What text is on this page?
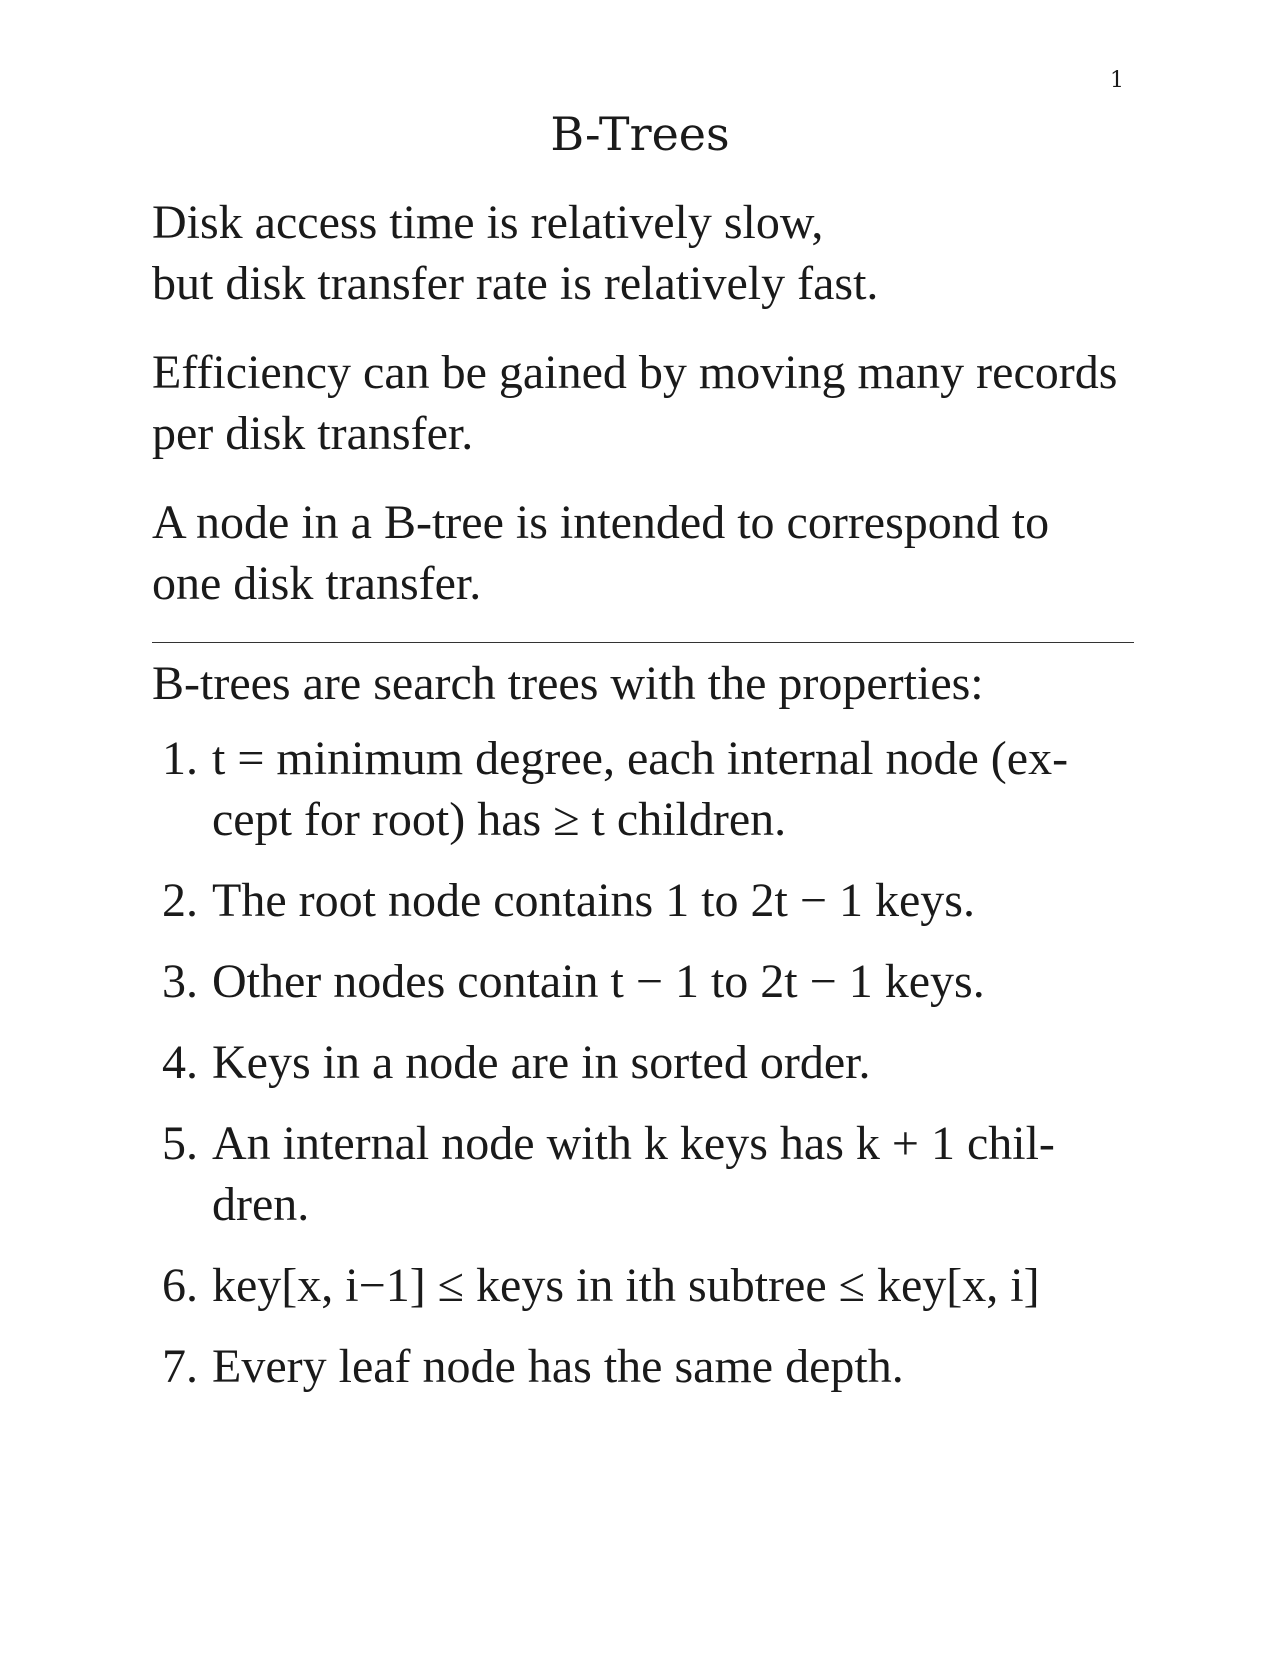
1
B-Trees

Disk access time is relatively slow,
but disk transfer rate is relatively fast.

Efficiency can be gained by moving many records
per disk transfer.

A node in a B-tree is intended to correspond to
one disk transfer.

B-trees are search trees with the properties:

1. t = minimum degree, each internal node (ex-
cept for root) has ≥ t children.
2. The root node contains 1 to 2t − 1 keys.
3. Other nodes contain t − 1 to 2t − 1 keys.
4. Keys in a node are in sorted order.
5. An internal node with k keys has k + 1 chil-
dren.
6. key[x, i−1] ≤ keys in ith subtree ≤ key[x, i]
7. Every leaf node has the same depth.
